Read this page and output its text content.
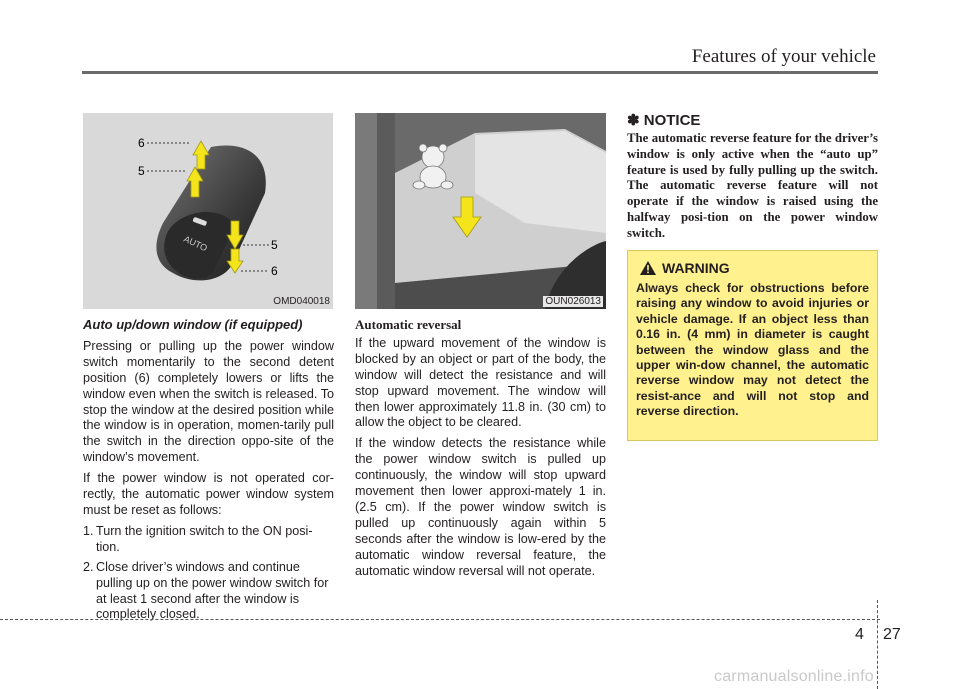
Features of your vehicle
AUTO
6
5
5
6
OMD040018	OUN026013
Auto up/down window (if equipped)

Pressing or pulling up the power window switch momentarily to the second detent position (6) completely lowers or lifts the window even when the switch is released. To stop the window at the desired position while the window is in operation, momen-tarily pull the switch in the direction oppo-site of the window’s movement.

If the power window is not operated cor-rectly, the automatic power window system must be reset as follows:

1. Turn the ignition switch to the ON posi-tion.
2. Close driver’s windows and continue pulling up on the power window switch for at least 1 second after the window is completely closed.
Automatic reversal

If the upward movement of the window is blocked by an object or part of the body, the window will detect the resistance and will stop upward movement. The window will then lower approximately 11.8 in. (30 cm) to allow the object to be cleared.

If the window detects the resistance while the power window switch is pulled up continuously, the window will stop upward movement then lower approxi-mately 1 in. (2.5 cm). If the power window switch is pulled up continuously again within 5 seconds after the window is low-ered by the automatic window reversal feature, the automatic window reversal will not operate.

✽ NOTICE
The automatic reverse feature for the driver’s window is only active when the “auto up” feature is used by fully pulling up the switch. The automatic reverse feature will not operate if the window is raised using the halfway posi-tion on the power window switch.
WARNING
Always check for obstructions before raising any window to avoid injuries or vehicle damage. If an object less than 0.16 in. (4 mm) in diameter is caught between the window glass and the upper win-dow channel, the automatic reverse window may not detect the resist-ance and will not stop and reverse direction.
4 27
carmanualsonline.info
